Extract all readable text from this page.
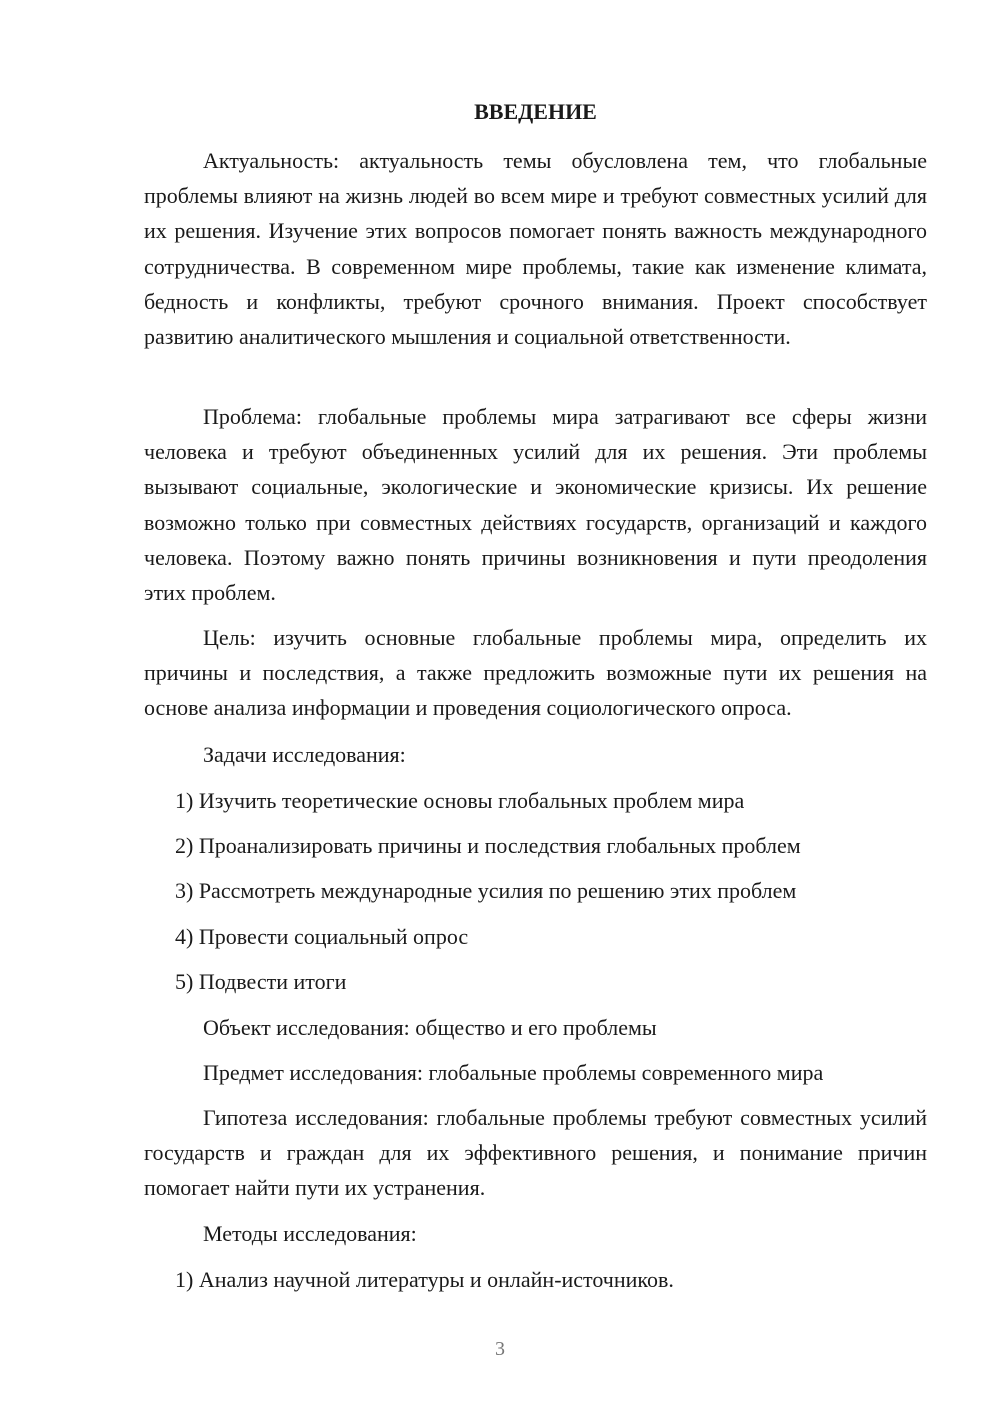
ВВЕДЕНИЕ

Актуальность: актуальность темы обусловлена тем, что глобальные проблемы влияют на жизнь людей во всем мире и требуют совместных усилий для их решения. Изучение этих вопросов помогает понять важность международного сотрудничества. В современном мире проблемы, такие как изменение климата, бедность и конфликты, требуют срочного внимания. Проект способствует развитию аналитического мышления и социальной ответственности.

Проблема: глобальные проблемы мира затрагивают все сферы жизни человека и требуют объединенных усилий для их решения. Эти проблемы вызывают социальные, экологические и экономические кризисы. Их решение возможно только при совместных действиях государств, организаций и каждого человека. Поэтому важно понять причины возникновения и пути преодоления этих проблем.

Цель: изучить основные глобальные проблемы мира, определить их причины и последствия, а также предложить возможные пути их решения на основе анализа информации и проведения социологического опроса.

Задачи исследования:

1) Изучить теоретические основы глобальных проблем мира

2) Проанализировать причины и последствия глобальных проблем

3) Рассмотреть международные усилия по решению этих проблем

4) Провести социальный опрос

5) Подвести итоги

Объект исследования: общество и его проблемы

Предмет исследования: глобальные проблемы современного мира

Гипотеза исследования: глобальные проблемы требуют совместных усилий государств и граждан для их эффективного решения, и понимание причин помогает найти пути их устранения.

Методы исследования:

1) Анализ научной литературы и онлайн-источников.

3
